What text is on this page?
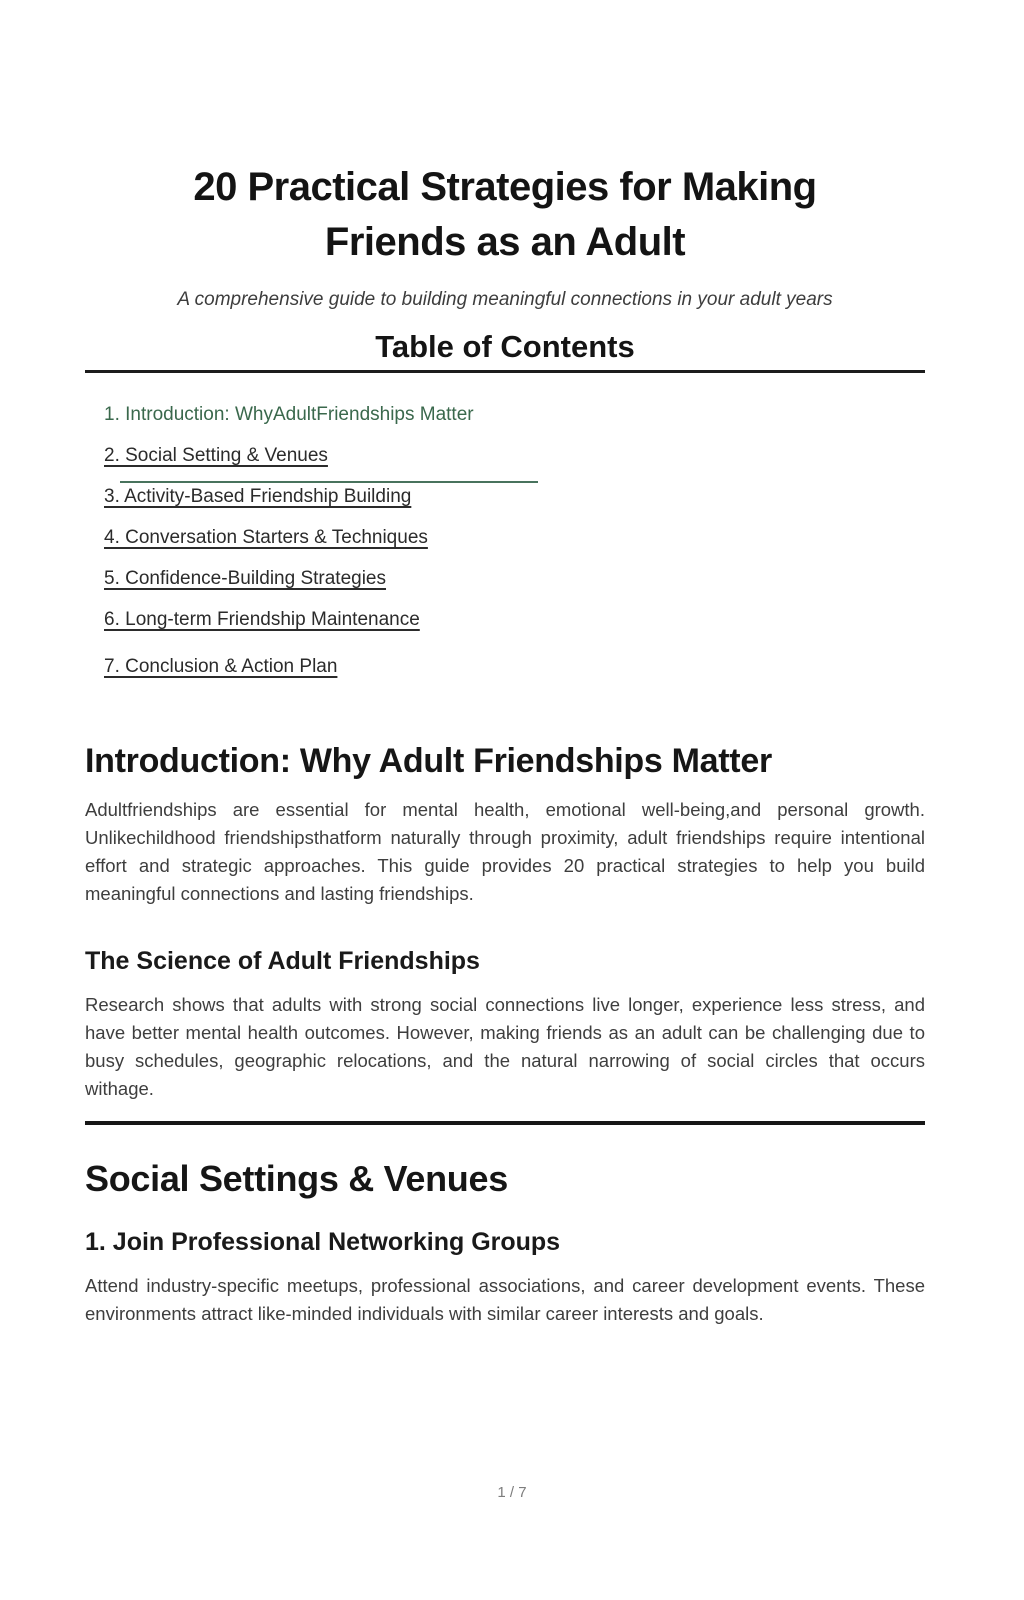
20 Practical Strategies for Making
Friends as an Adult
A comprehensive guide to building meaningful connections in your adult years
Table of Contents
1. Introduction: WhyAdultFriendships Matter
2. Social Setting & Venues
3. Activity-Based Friendship Building
4. Conversation Starters & Techniques
5. Confidence-Building Strategies
6. Long-term Friendship Maintenance
7. Conclusion & Action Plan
Introduction: Why Adult Friendships Matter

Adultfriendships are essential for mental health, emotional well-being,and personal growth. Unlikechildhood friendshipsthatform naturally through proximity, adult friendships require intentional effort and strategic approaches. This guide provides 20 practical strategies to help you build meaningful connections and lasting friendships.

The Science of Adult Friendships

Research shows that adults with strong social connections live longer, experience less stress, and have better mental health outcomes. However, making friends as an adult can be challenging due to busy schedules, geographic relocations, and the natural narrowing of social circles that occurs withage.

Social Settings & Venues
1. Join Professional Networking Groups

Attend industry-specific meetups, professional associations, and career development events. These environments attract like-minded individuals with similar career interests and goals.

1 / 7
